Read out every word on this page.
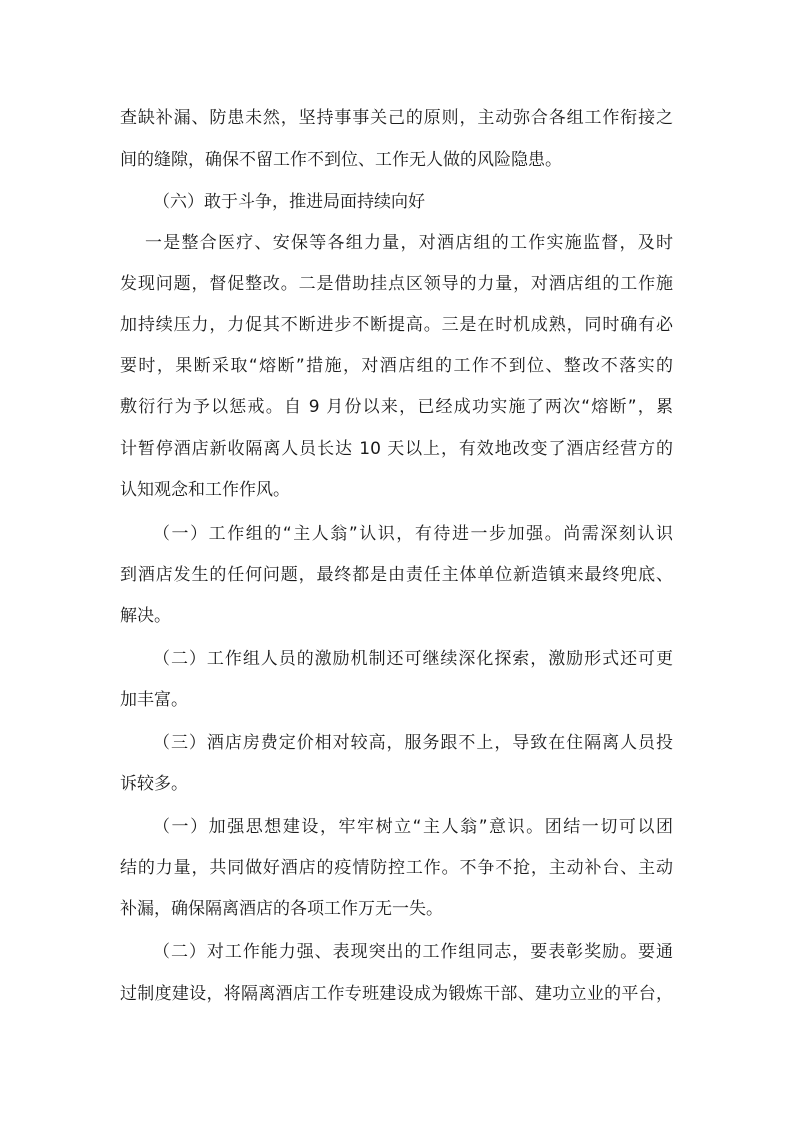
查缺补漏、防患未然，坚持事事关己的原则，主动弥合各组工作衔接之
间的缝隙，确保不留工作不到位、工作无人做的风险隐患。
（六）敢于斗争，推进局面持续向好
一是整合医疗、安保等各组力量，对酒店组的工作实施监督，及时
发现问题，督促整改。二是借助挂点区领导的力量，对酒店组的工作施
加持续压力，力促其不断进步不断提高。三是在时机成熟，同时确有必
要时，果断采取“熔断”措施，对酒店组的工作不到位、整改不落实的
敷衍行为予以惩戒。自 9 月份以来，已经成功实施了两次“熔断”，累
计暂停酒店新收隔离人员长达 10 天以上，有效地改变了酒店经营方的
认知观念和工作作风。
（一）工作组的“主人翁”认识，有待进一步加强。尚需深刻认识
到酒店发生的任何问题，最终都是由责任主体单位新造镇来最终兜底、
解决。
（二）工作组人员的激励机制还可继续深化探索，激励形式还可更
加丰富。
（三）酒店房费定价相对较高，服务跟不上，导致在住隔离人员投
诉较多。
（一）加强思想建设，牢牢树立“主人翁”意识。团结一切可以团
结的力量，共同做好酒店的疫情防控工作。不争不抢，主动补台、主动
补漏，确保隔离酒店的各项工作万无一失。
（二）对工作能力强、表现突出的工作组同志，要表彰奖励。要通
过制度建设，将隔离酒店工作专班建设成为锻炼干部、建功立业的平台，
